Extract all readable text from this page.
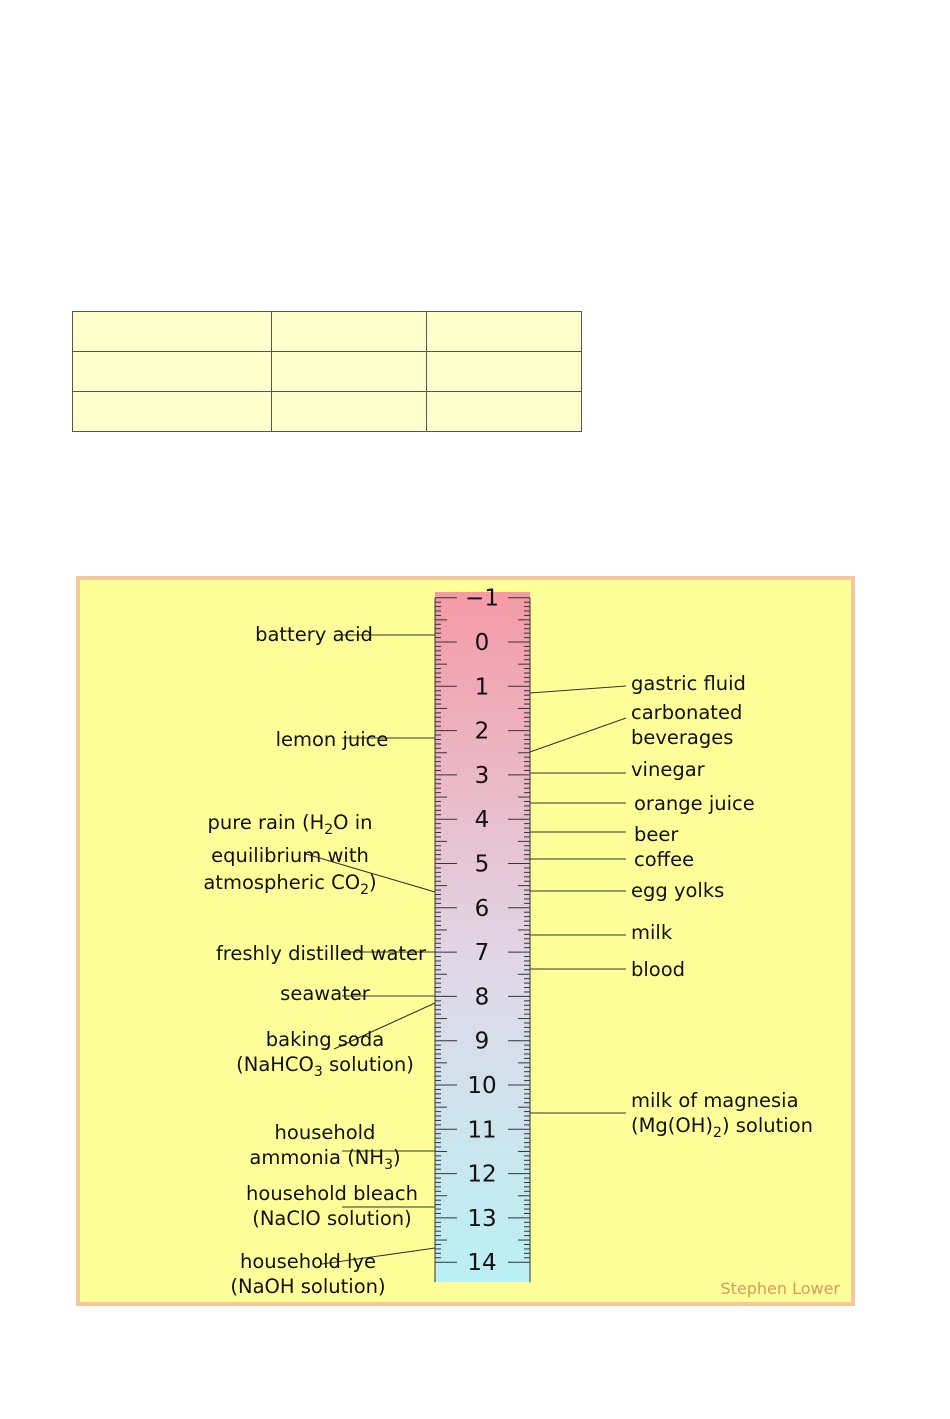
−1
0
1
2
3
4
5
6
7
8
9
10
11
12
13
14
battery acid
lemon juice
pure rain ($H_2O$ in
equilibrium with
atmospheric $CO_2$)
freshly distilled water
seawater
baking soda
(NaHCO$_3$ solution)
household
ammonia $(NH_3)$
household bleach
(NaClO solution)
household lye
(NaOH solution)
gastric fluid
carbonated
beverages
vinegar
orange juice
beer
coffee
egg yolks
milk
blood
milk of magnesia
$(Mg(OH)_2)$ solution
Stephen Lower
